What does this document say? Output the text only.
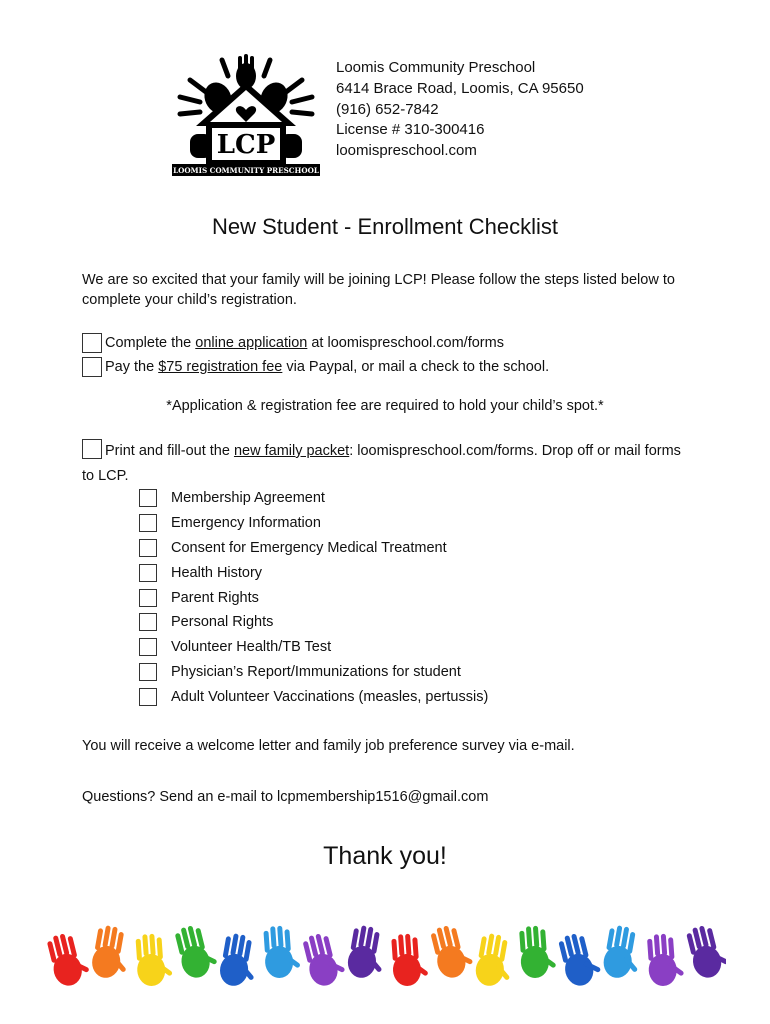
LCP
LOOMIS COMMUNITY PRESCHOOL
Loomis Community Preschool
6414 Brace Road, Loomis, CA 95650
(916) 652-7842
License # 310-300416
loomispreschool.com
New Student - Enrollment Checklist
We are so excited that your family will be joining LCP! Please follow the steps listed below to complete your child’s registration.
Complete the online application at loomispreschool.com/forms
Pay the $75 registration fee via Paypal, or mail a check to the school.
*Application & registration fee are required to hold your child’s spot.*
Print and fill-out the new family packet: loomispreschool.com/forms. Drop off or mail forms to LCP.
Membership Agreement
Emergency Information
Consent for Emergency Medical Treatment
Health History
Parent Rights
Personal Rights
Volunteer Health/TB Test
Physician’s Report/Immunizations for student
Adult Volunteer Vaccinations (measles, pertussis)
You will receive a welcome letter and family job preference survey via e-mail.
Questions? Send an e-mail to lcpmembership1516@gmail.com
Thank you!
